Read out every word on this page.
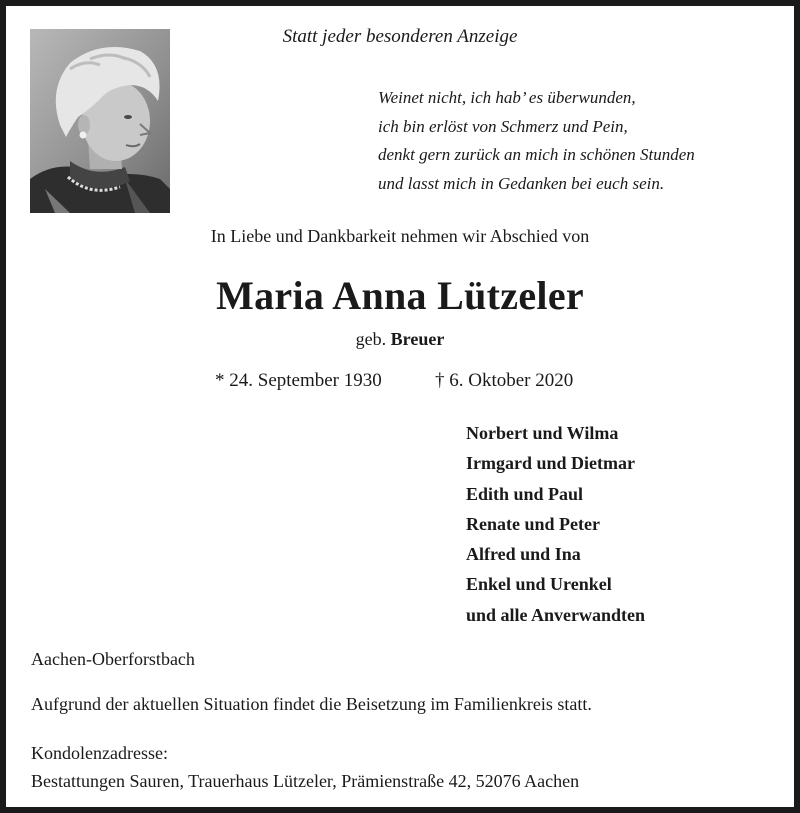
Statt jeder besonderen Anzeige
Weinet nicht, ich hab’ es überwunden,
ich bin erlöst von Schmerz und Pein,
denkt gern zurück an mich in schönen Stunden
und lasst mich in Gedanken bei euch sein.
In Liebe und Dankbarkeit nehmen wir Abschied von
Maria Anna Lützeler
geb. Breuer
* 24. September 1930	† 6. Oktober 2020
Norbert und Wilma
Irmgard und Dietmar
Edith und Paul
Renate und Peter
Alfred und Ina
Enkel und Urenkel
und alle Anverwandten
Aachen-Oberforstbach
Aufgrund der aktuellen Situation findet die Beisetzung im Familienkreis statt.
Kondolenzadresse:
Bestattungen Sauren, Trauerhaus Lützeler, Prämienstraße 42, 52076 Aachen
